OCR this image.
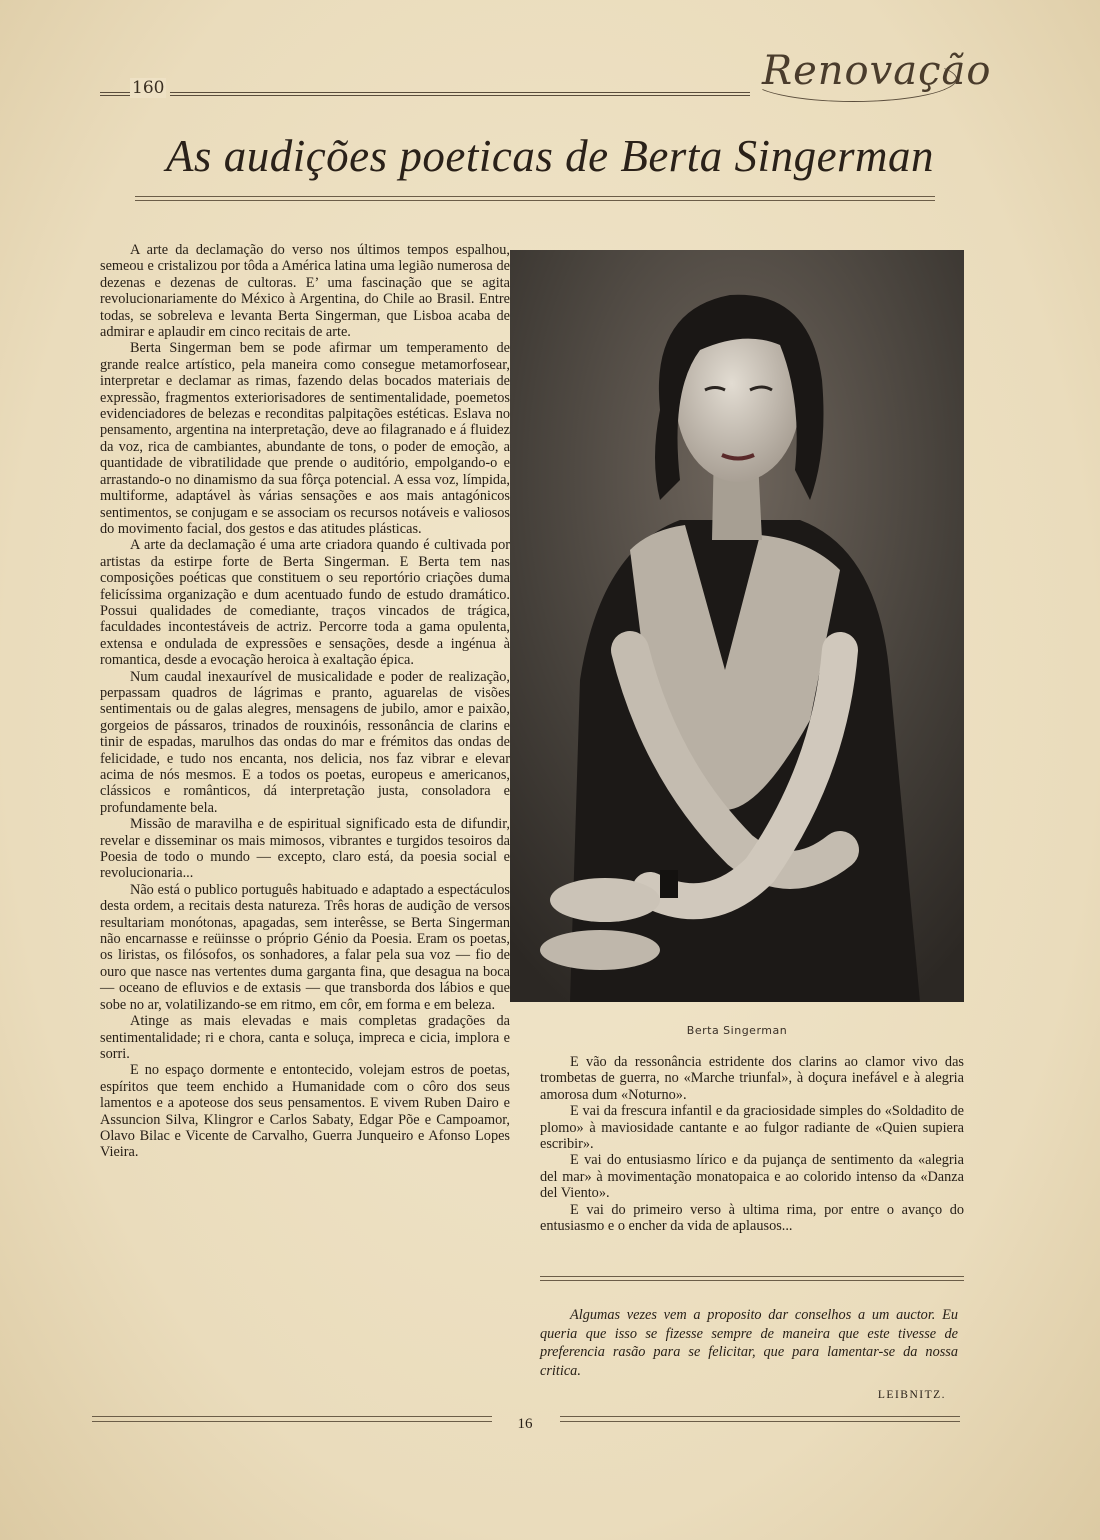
160	Renovação
As audições poeticas de Berta Singerman

A arte da declamação do verso nos últimos tempos espalhou, semeou e cristalizou por tôda a América latina uma legião numerosa de dezenas e dezenas de cultoras. E’ uma fascinação que se agita revolucionariamente do México à Argentina, do Chile ao Brasil. Entre todas, se sobreleva e levanta Berta Singerman, que Lisboa acaba de admirar e aplaudir em cinco recitais de arte.

Berta Singerman bem se pode afirmar um temperamento de grande realce artístico, pela maneira como consegue metamorfosear, interpretar e declamar as rimas, fazendo delas bocados materiais de expressão, fragmentos exteriorisadores de sentimentalidade, poemetos evidenciadores de belezas e reconditas palpitações estéticas. Eslava no pensamento, argentina na interpretação, deve ao filagranado e á fluidez da voz, rica de cambiantes, abundante de tons, o poder de emoção, a quantidade de vibratilidade que prende o auditório, empolgando-o e arrastando-o no dinamismo da sua fôrça potencial. A essa voz, límpida, multiforme, adaptável às várias sensações e aos mais antagónicos sentimentos, se conjugam e se associam os recursos notáveis e valiosos do movimento facial, dos gestos e das atitudes plásticas.

A arte da declamação é uma arte criadora quando é cultivada por artistas da estirpe forte de Berta Singerman. E Berta tem nas composições poéticas que constituem o seu reportório criações duma felicíssima organização e dum acentuado fundo de estudo dramático. Possui qualidades de comediante, traços vincados de trágica, faculdades incontestáveis de actriz. Percorre toda a gama opulenta, extensa e ondulada de expressões e sensações, desde a ingénua à romantica, desde a evocação heroica à exaltação épica.

Num caudal inexaurível de musicalidade e poder de realização, perpassam quadros de lágrimas e pranto, aguarelas de visões sentimentais ou de galas alegres, mensagens de jubilo, amor e paixão, gorgeios de pássaros, trinados de rouxinóis, ressonância de clarins e tinir de espadas, marulhos das ondas do mar e frémitos das ondas de felicidade, e tudo nos encanta, nos delicia, nos faz vibrar e elevar acima de nós mesmos. E a todos os poetas, europeus e americanos, clássicos e românticos, dá interpretação justa, consoladora e profundamente bela.

Missão de maravilha e de espiritual significado esta de difundir, revelar e disseminar os mais mimosos, vibrantes e turgidos tesoiros da Poesia de todo o mundo — excepto, claro está, da poesia social e revolucionaria...

Não está o publico português habituado e adaptado a espectáculos desta ordem, a recitais desta natureza. Três horas de audição de versos resultariam monótonas, apagadas, sem interêsse, se Berta Singerman não encarnasse e reüinsse o próprio Génio da Poesia. Eram os poetas, os liristas, os filósofos, os sonhadores, a falar pela sua voz — fio de ouro que nasce nas vertentes duma garganta fina, que desagua na boca — oceano de efluvios e de extasis — que transborda dos lábios e que sobe no ar, volatilizando-se em ritmo, em côr, em forma e em beleza.

Atinge as mais elevadas e mais completas gradações da sentimentalidade; ri e chora, canta e soluça, impreca e cicia, implora e sorri.

E no espaço dormente e entontecido, volejam estros de poetas, espíritos que teem enchido a Humanidade com o côro dos seus lamentos e a apoteose dos seus pensamentos. E vivem Ruben Dairo e Assuncion Silva, Klingror e Carlos Sabaty, Edgar Põe e Campoamor, Olavo Bilac e Vicente de Carvalho, Guerra Junqueiro e Afonso Lopes Vieira.

Berta Singerman

E vão da ressonância estridente dos clarins ao clamor vivo das trombetas de guerra, no «Marche triunfal», à doçura inefável e à alegria amorosa dum «Noturno».

E vai da frescura infantil e da graciosidade simples do «Soldadito de plomo» à maviosidade cantante e ao fulgor radiante de «Quien supiera escribir».

E vai do entusiasmo lírico e da pujança de sentimento da «alegria del mar» à movimentação monatopaica e ao colorido intenso da «Danza del Viento».

E vai do primeiro verso à ultima rima, por entre o avanço do entusiasmo e o encher da vida de aplausos...

Algumas vezes vem a proposito dar conselhos a um auctor. Eu queria que isso se fizesse sempre de maneira que este tivesse de preferencia rasão para se felicitar, que para lamentar-se da nossa critica.

LEIBNITZ.
16
